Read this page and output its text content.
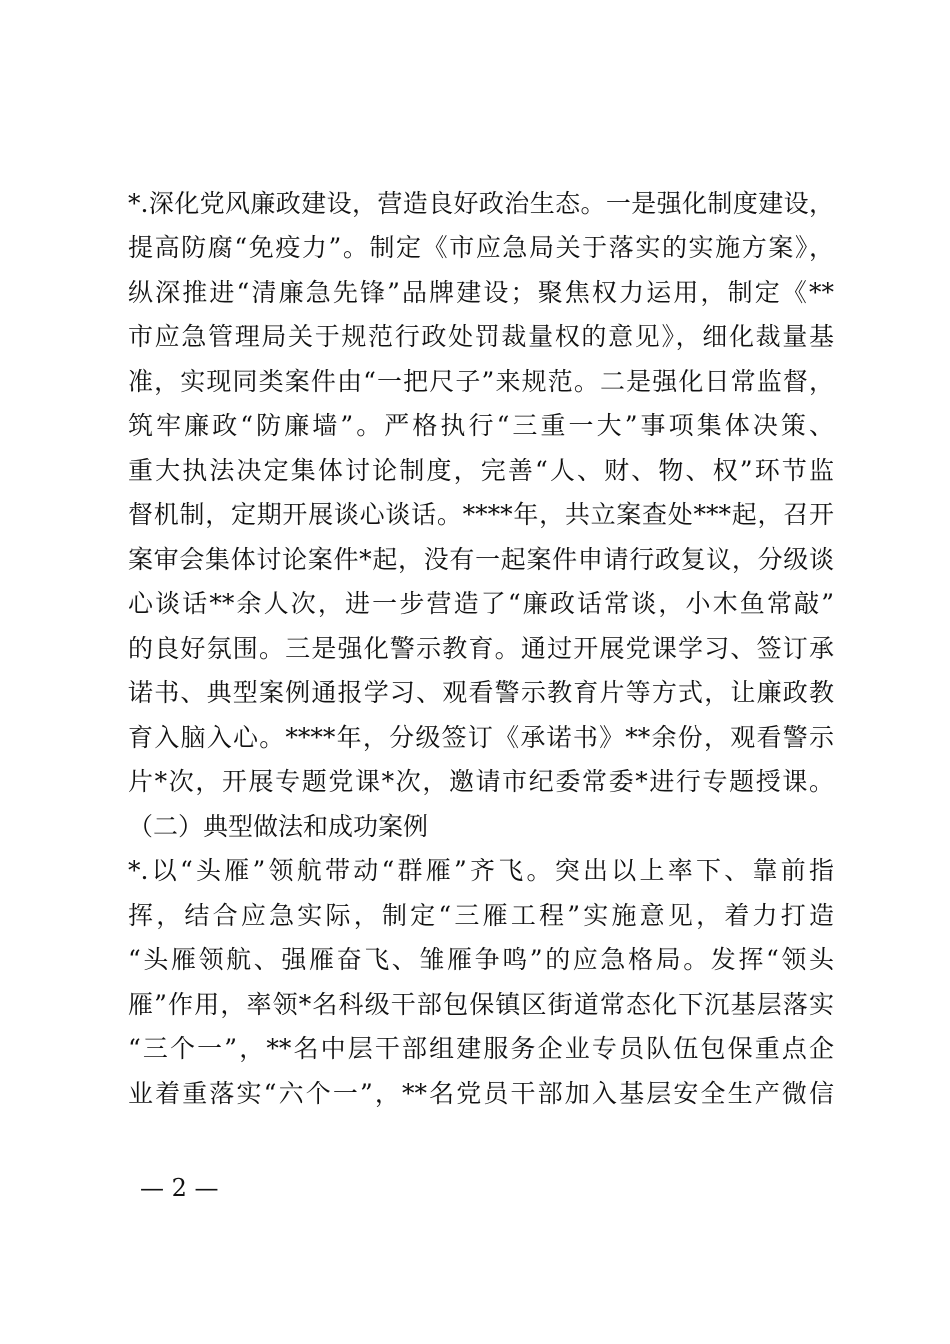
*.深化党风廉政建设，营造良好政治生态。一是强化制度建设，
提高防腐“免疫力”。制定《市应急局关于落实的实施方案》，
纵深推进“清廉急先锋”品牌建设；聚焦权力运用，制定《**
市应急管理局关于规范行政处罚裁量权的意见》，细化裁量基
准，实现同类案件由“一把尺子”来规范。二是强化日常监督，
筑牢廉政“防廉墙”。严格执行“三重一大”事项集体决策、
重大执法决定集体讨论制度，完善“人、财、物、权”环节监
督机制，定期开展谈心谈话。****年，共立案查处***起，召开
案审会集体讨论案件*起，没有一起案件申请行政复议，分级谈
心谈话**余人次，进一步营造了“廉政话常谈，小木鱼常敲”
的良好氛围。三是强化警示教育。通过开展党课学习、签订承
诺书、典型案例通报学习、观看警示教育片等方式，让廉政教
育入脑入心。****年，分级签订《承诺书》**余份，观看警示
片*次，开展专题党课*次，邀请市纪委常委*进行专题授课。
（二）典型做法和成功案例
*.以“头雁”领航带动“群雁”齐飞。突出以上率下、靠前指
挥，结合应急实际，制定“三雁工程”实施意见，着力打造
“头雁领航、强雁奋飞、雏雁争鸣”的应急格局。发挥“领头
雁”作用，率领*名科级干部包保镇区街道常态化下沉基层落实
“三个一”，**名中层干部组建服务企业专员队伍包保重点企
业着重落实“六个一”，**名党员干部加入基层安全生产微信
— 2 —
